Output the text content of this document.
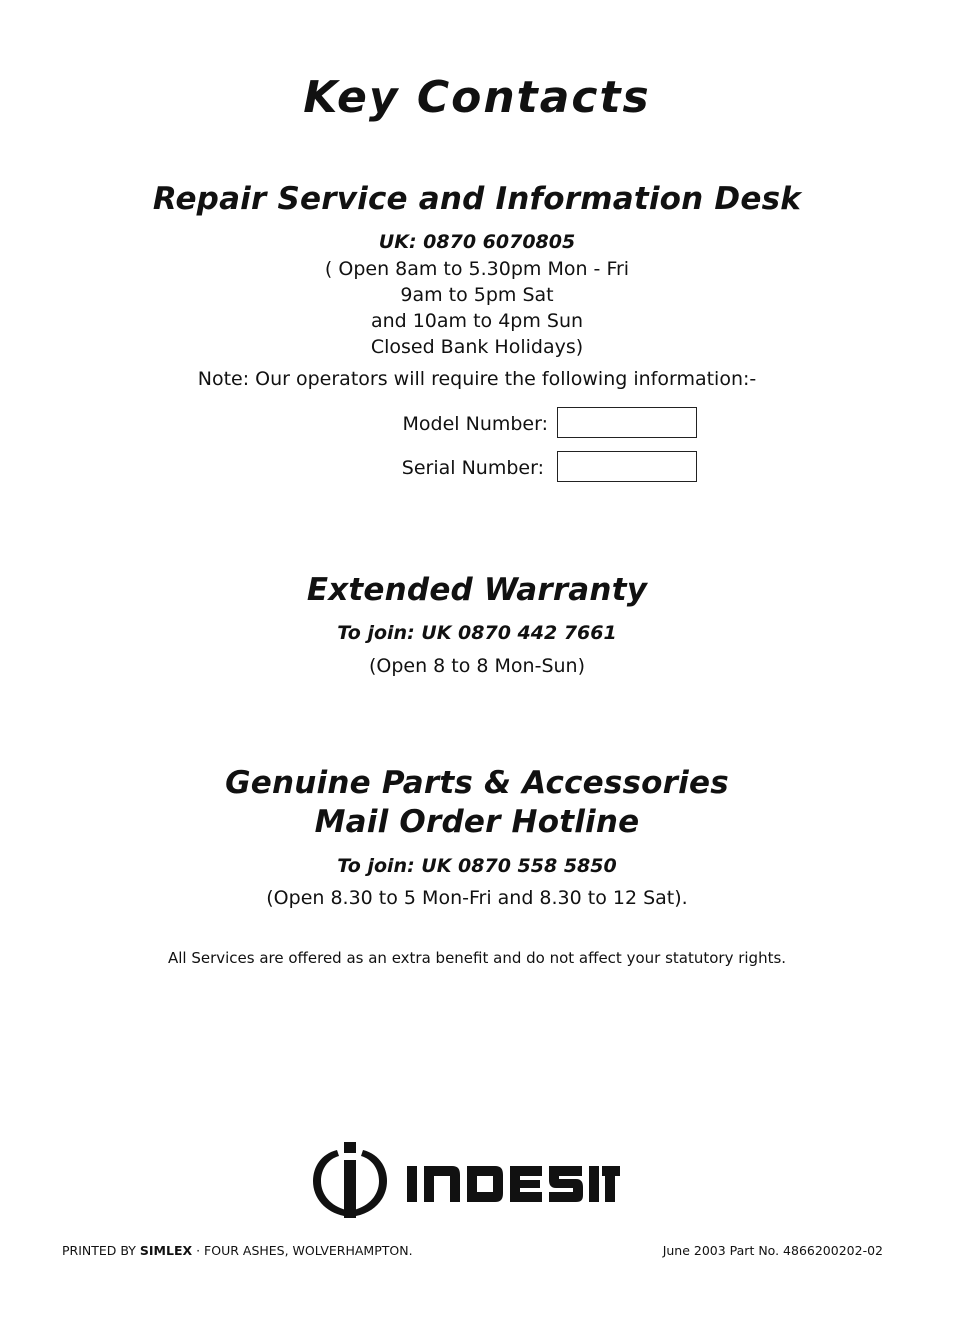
Key Contacts
Repair Service and Information Desk
UK: 0870 6070805
( Open 8am to 5.30pm Mon - Fri
9am to 5pm Sat
and 10am to 4pm Sun
Closed Bank Holidays)
Note: Our operators will require the following information:-
Model Number:
Serial Number:
Extended Warranty
To join: UK 0870 442 7661
(Open 8 to 8 Mon-Sun)
Genuine Parts & Accessories
Mail Order Hotline
To join: UK 0870 558 5850
(Open 8.30 to 5 Mon-Fri and 8.30 to 12 Sat).
All Services are offered as an extra benefit and do not affect your statutory rights.
PRINTED BY SIMLEX · FOUR ASHES, WOLVERHAMPTON.	June 2003 Part No. 4866200202-02
